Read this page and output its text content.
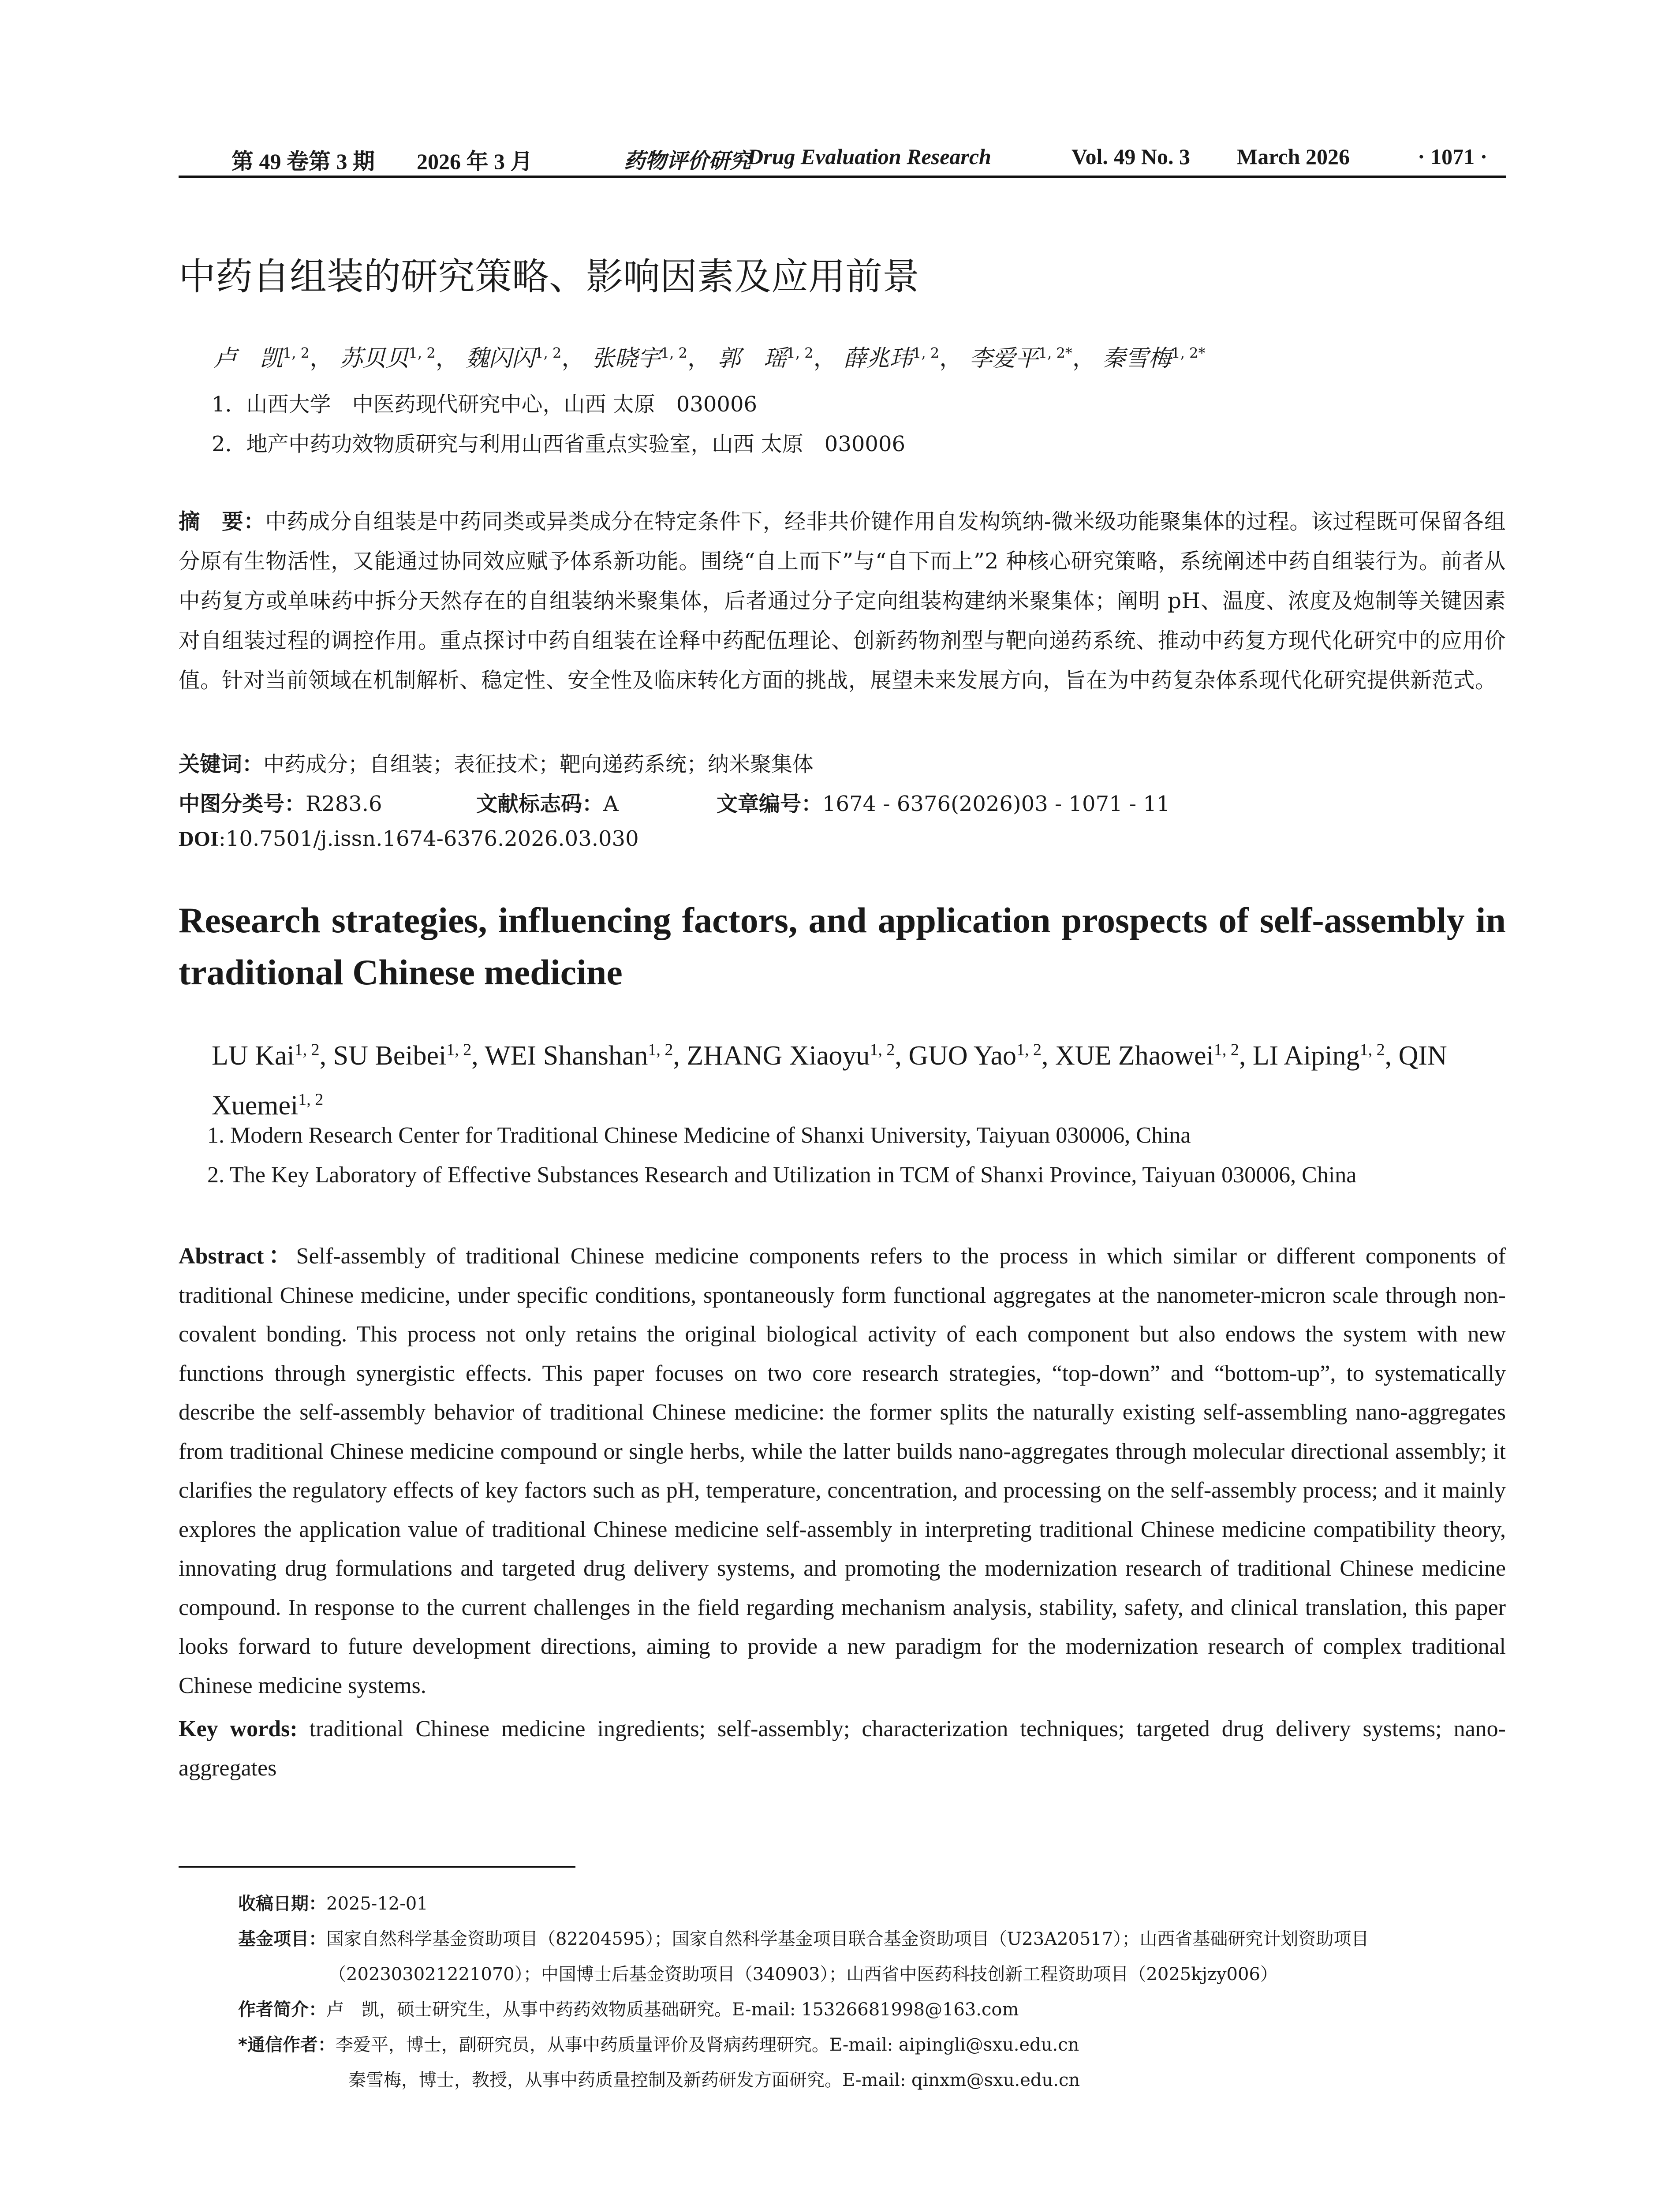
第 49 卷第 3 期 2026 年 3 月	药物评价研究
Drug Evaluation Research	Vol. 49 No. 3 March 2026	· 1071 ·
中药自组装的研究策略、影响因素及应用前景
卢　凯$^{1, 2}$， 苏贝贝$^{1, 2}$， 魏闪闪$^{1, 2}$， 张晓宇$^{1, 2}$， 郭　瑶$^{1, 2}$， 薛兆玮$^{1, 2}$， 李爱平$^{1, 2*}$， 秦雪梅$^{1, 2*}$
1．山西大学　中医药现代研究中心，山西 太原　030006
2．地产中药功效物质研究与利用山西省重点实验室，山西 太原　030006
摘　要：中药成分自组装是中药同类或异类成分在特定条件下，经非共价键作用自发构筑纳-微米级功能聚集体的过程。该过程既可保留各组分原有生物活性，又能通过协同效应赋予体系新功能。围绕“自上而下”与“自下而上”2 种核心研究策略，系统阐述中药自组装行为。前者从中药复方或单味药中拆分天然存在的自组装纳米聚集体，后者通过分子定向组装构建纳米聚集体；阐明 pH、温度、浓度及炮制等关键因素对自组装过程的调控作用。重点探讨中药自组装在诠释中药配伍理论、创新药物剂型与靶向递药系统、推动中药复方现代化研究中的应用价值。针对当前领域在机制解析、稳定性、安全性及临床转化方面的挑战，展望未来发展方向，旨在为中药复杂体系现代化研究提供新范式。
关键词：中药成分；自组装；表征技术；靶向递药系统；纳米聚集体
中图分类号：R283.6	文献标志码：A	文章编号：1674 - 6376(2026)03 - 1071 - 11
DOI:10.7501/j.issn.1674-6376.2026.03.030
Research strategies, influencing factors, and application prospects of self-assembly in traditional Chinese medicine
LU Kai$^{1, 2}$, SU Beibei$^{1, 2}$, WEI Shanshan$^{1, 2}$, ZHANG Xiaoyu$^{1, 2}$, GUO Yao$^{1, 2}$, XUE Zhaowei$^{1, 2}$, LI Aiping$^{1, 2}$, QIN Xuemei$^{1, 2}$
1. Modern Research Center for Traditional Chinese Medicine of Shanxi University, Taiyuan 030006, China
2. The Key Laboratory of Effective Substances Research and Utilization in TCM of Shanxi Province, Taiyuan 030006, China
Abstract：Self-assembly of traditional Chinese medicine components refers to the process in which similar or different components of traditional Chinese medicine, under specific conditions, spontaneously form functional aggregates at the nanometer-micron scale through non-covalent bonding. This process not only retains the original biological activity of each component but also endows the system with new functions through synergistic effects. This paper focuses on two core research strategies, “top-down” and “bottom-up”, to systematically describe the self-assembly behavior of traditional Chinese medicine: the former splits the naturally existing self-assembling nano-aggregates from traditional Chinese medicine compound or single herbs, while the latter builds nano-aggregates through molecular directional assembly; it clarifies the regulatory effects of key factors such as pH, temperature, concentration, and processing on the self-assembly process; and it mainly explores the application value of traditional Chinese medicine self-assembly in interpreting traditional Chinese medicine compatibility theory, innovating drug formulations and targeted drug delivery systems, and promoting the modernization research of traditional Chinese medicine compound. In response to the current challenges in the field regarding mechanism analysis, stability, safety, and clinical translation, this paper looks forward to future development directions, aiming to provide a new paradigm for the modernization research of complex traditional Chinese medicine systems.
Key words: traditional Chinese medicine ingredients; self-assembly; characterization techniques; targeted drug delivery systems; nano-aggregates
收稿日期：2025-12-01
基金项目：国家自然科学基金资助项目（82204595）；国家自然科学基金项目联合基金资助项目（U23A20517）；山西省基础研究计划资助项目
（202303021221070）；中国博士后基金资助项目（340903）；山西省中医药科技创新工程资助项目（2025kjzy006）
作者简介：卢　凯，硕士研究生，从事中药药效物质基础研究。E-mail: 15326681998@163.com
*通信作者：李爱平，博士，副研究员，从事中药质量评价及肾病药理研究。E-mail: aipingli@sxu.edu.cn
秦雪梅，博士，教授，从事中药质量控制及新药研发方面研究。E-mail: qinxm@sxu.edu.cn
